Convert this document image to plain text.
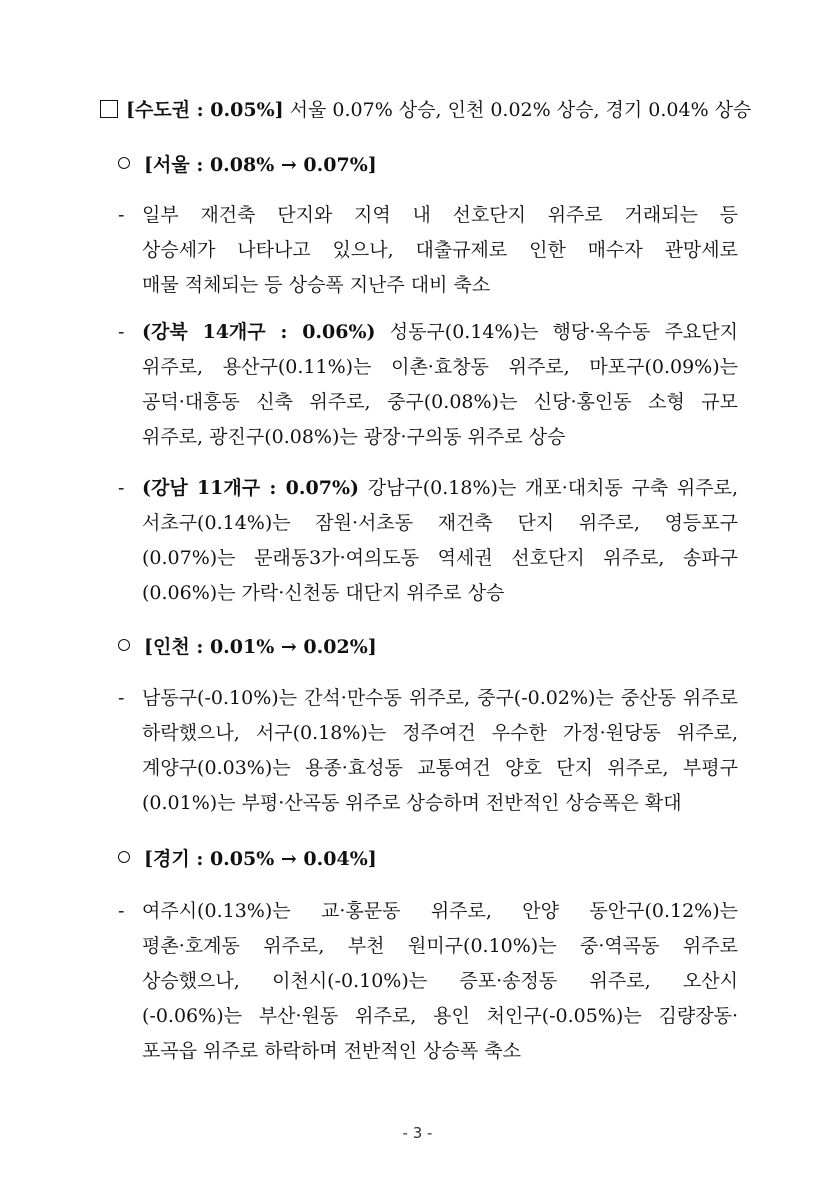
[수도권 : 0.05%] 서울 0.07% 상승, 인천 0.02% 상승, 경기 0.04% 상승
[서울 : 0.08% → 0.07%]
- 일부 재건축 단지와 지역 내 선호단지 위주로 거래되는 등
상승세가 나타나고 있으나, 대출규제로 인한 매수자 관망세로
매물 적체되는 등 상승폭 지난주 대비 축소
- (강북 14개구 : 0.06%) 성동구(0.14%)는 행당·옥수동 주요단지
위주로, 용산구(0.11%)는 이촌·효창동 위주로, 마포구(0.09%)는
공덕·대흥동 신축 위주로, 중구(0.08%)는 신당·홍인동 소형 규모
위주로, 광진구(0.08%)는 광장·구의동 위주로 상승
- (강남 11개구 : 0.07%) 강남구(0.18%)는 개포·대치동 구축 위주로,
서초구(0.14%)는 잠원·서초동 재건축 단지 위주로, 영등포구
(0.07%)는 문래동3가·여의도동 역세권 선호단지 위주로, 송파구
(0.06%)는 가락·신천동 대단지 위주로 상승
[인천 : 0.01% → 0.02%]
- 남동구(-0.10%)는 간석·만수동 위주로, 중구(-0.02%)는 중산동 위주로
하락했으나, 서구(0.18%)는 정주여건 우수한 가정·원당동 위주로,
계양구(0.03%)는 용종·효성동 교통여건 양호 단지 위주로, 부평구
(0.01%)는 부평·산곡동 위주로 상승하며 전반적인 상승폭은 확대
[경기 : 0.05% → 0.04%]
- 여주시(0.13%)는 교·홍문동 위주로, 안양 동안구(0.12%)는
평촌·호계동 위주로, 부천 원미구(0.10%)는 중·역곡동 위주로
상승했으나, 이천시(-0.10%)는 증포·송정동 위주로, 오산시
(-0.06%)는 부산·원동 위주로, 용인 처인구(-0.05%)는 김량장동·
포곡읍 위주로 하락하며 전반적인 상승폭 축소
- 3 -
